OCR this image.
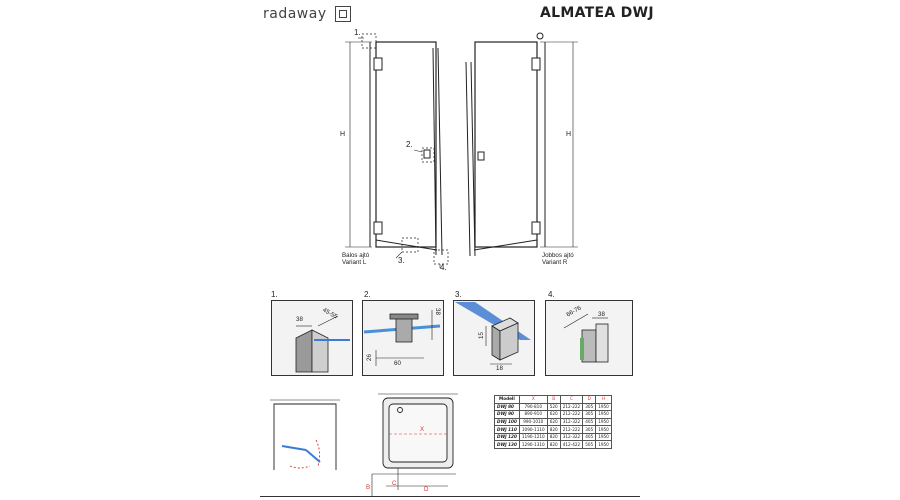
radaway	ALMATEA DWJ
H	H
1.
2.
3.
4.
Balos ajtó
Variant L
Jobbos ajtó
Variant R
1.	2.	3.	4.
38	45-55	38
26
60
15
18
66-76 38
X
B
C
D
Modell	X	B	C	D	H
DWJ 80	790-810	520	212-222	305	1950
DWJ 90	890-910	620	212-222	305	1950
DWJ 100	990-1010	620	312-322	405	1950
DWJ 110	1090-1110	820	212-222	305	1950
DWJ 120	1190-1210	820	312-322	405	1950
DWJ 130	1290-1310	820	412-422	505	1950
